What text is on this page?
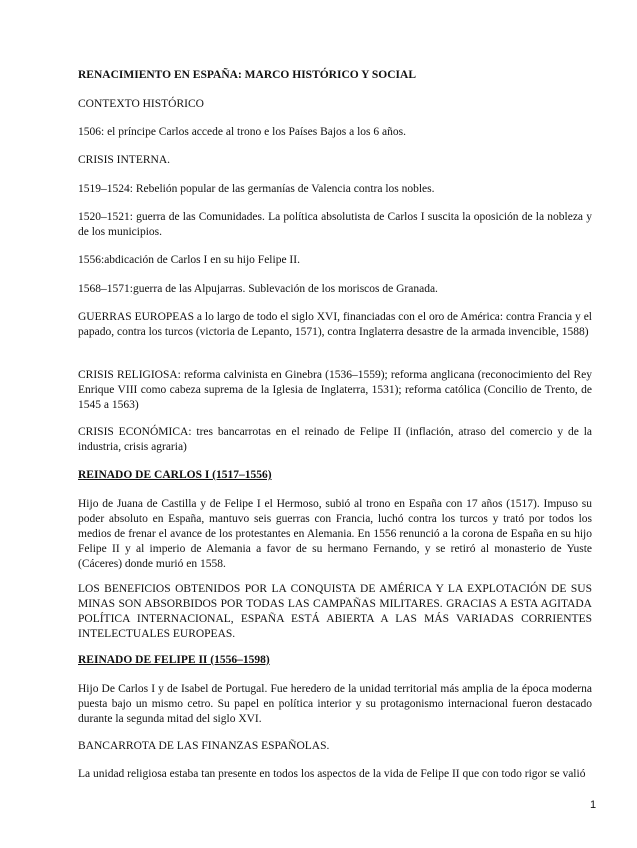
RENACIMIENTO EN ESPAÑA: MARCO HISTÓRICO Y SOCIAL

CONTEXTO HISTÓRICO

1506: el príncipe Carlos accede al trono e los Países Bajos a los 6 años.

CRISIS INTERNA.

1519–1524: Rebelión popular de las germanías de Valencia contra los nobles.

1520–1521: guerra de las Comunidades. La política absolutista de Carlos I suscita la oposición de la nobleza y de los municipios.

1556:abdicación de Carlos I en su hijo Felipe II.

1568–1571:guerra de las Alpujarras. Sublevación de los moriscos de Granada.

GUERRAS EUROPEAS a lo largo de todo el siglo XVI, financiadas con el oro de América: contra Francia y el papado, contra los turcos (victoria de Lepanto, 1571), contra Inglaterra desastre de la armada invencible, 1588)

CRISIS RELIGIOSA: reforma calvinista en Ginebra (1536–1559); reforma anglicana (reconocimiento del Rey Enrique VIII como cabeza suprema de la Iglesia de Inglaterra, 1531); reforma católica (Concilio de Trento, de 1545 a 1563)

CRISIS ECONÓMICA: tres bancarrotas en el reinado de Felipe II (inflación, atraso del comercio y de la industria, crisis agraria)

REINADO DE CARLOS I (1517–1556)

Hijo de Juana de Castilla y de Felipe I el Hermoso, subió al trono en España con 17 años (1517). Impuso su poder absoluto en España, mantuvo seis guerras con Francia, luchó contra los turcos y trató por todos los medios de frenar el avance de los protestantes en Alemania. En 1556 renunció a la corona de España en su hijo Felipe II y al imperio de Alemania a favor de su hermano Fernando, y se retiró al monasterio de Yuste (Cáceres) donde murió en 1558.

LOS BENEFICIOS OBTENIDOS POR LA CONQUISTA DE AMÉRICA Y LA EXPLOTACIÓN DE SUS MINAS SON ABSORBIDOS POR TODAS LAS CAMPAÑAS MILITARES. GRACIAS A ESTA AGITADA POLÍTICA INTERNACIONAL, ESPAÑA ESTÁ ABIERTA A LAS MÁS VARIADAS CORRIENTES INTELECTUALES EUROPEAS.

REINADO DE FELIPE II (1556–1598)

Hijo De Carlos I y de Isabel de Portugal. Fue heredero de la unidad territorial más amplia de la época moderna puesta bajo un mismo cetro. Su papel en política interior y su protagonismo internacional fueron destacado durante la segunda mitad del siglo XVI.

BANCARROTA DE LAS FINANZAS ESPAÑOLAS.

La unidad religiosa estaba tan presente en todos los aspectos de la vida de Felipe II que con todo rigor se valió

1
